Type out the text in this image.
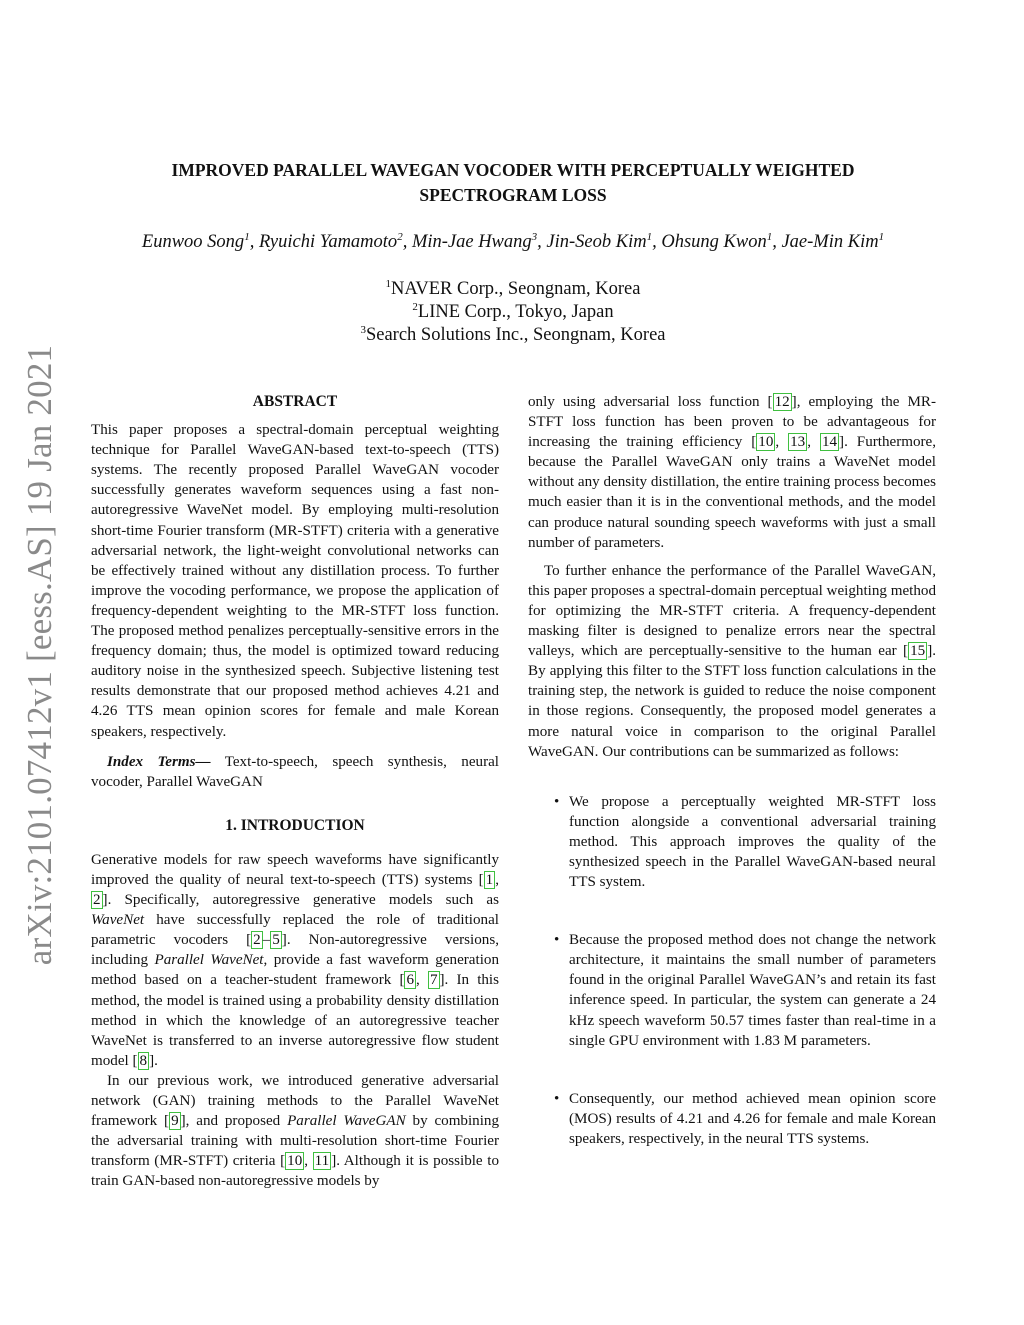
arXiv:2101.07412v1 [eess.AS] 19 Jan 2021
IMPROVED PARALLEL WAVEGAN VOCODER WITH PERCEPTUALLY WEIGHTED
SPECTROGRAM LOSS
Eunwoo Song$^1$, Ryuichi Yamamoto$^2$, Min-Jae Hwang$^3$, Jin-Seob Kim$^1$, Ohsung Kwon$^1$, Jae-Min Kim$^1$
$^1$NAVER Corp., Seongnam, Korea
$^2$LINE Corp., Tokyo, Japan
$^3$Search Solutions Inc., Seongnam, Korea
ABSTRACT

This paper proposes a spectral-domain perceptual weighting technique for Parallel WaveGAN-based text-to-speech (TTS) systems. The recently proposed Parallel WaveGAN vocoder successfully generates waveform sequences using a fast non-autoregressive WaveNet model. By employing multi-resolution short-time Fourier transform (MR-STFT) criteria with a generative adversarial network, the light-weight convolutional networks can be effectively trained without any distillation process. To further improve the vocoding performance, we propose the application of frequency-dependent weighting to the MR-STFT loss function. The proposed method penalizes perceptually-sensitive errors in the frequency domain; thus, the model is optimized toward reducing auditory noise in the synthesized speech. Subjective listening test results demonstrate that our proposed method achieves 4.21 and 4.26 TTS mean opinion scores for female and male Korean speakers, respectively.

Index Terms— Text-to-speech, speech synthesis, neural vocoder, Parallel WaveGAN

1. INTRODUCTION

Generative models for raw speech waveforms have significantly improved the quality of neural text-to-speech (TTS) systems [ 1 , 2 ]. Specifically, autoregressive generative models such as WaveNet have successfully replaced the role of traditional parametric vocoders [ 2 – 5 ]. Non-autoregressive versions, including Parallel WaveNet, provide a fast waveform generation method based on a teacher-student framework [ 6 , 7 ]. In this method, the model is trained using a probability density distillation method in which the knowledge of an autoregressive teacher WaveNet is transferred to an inverse autoregressive flow student model [ 8 ].

In our previous work, we introduced generative adversarial network (GAN) training methods to the Parallel WaveNet framework [ 9 ], and proposed Parallel WaveGAN by combining the adversarial training with multi-resolution short-time Fourier transform (MR-STFT) criteria [ 10 , 11 ]. Although it is possible to train GAN-based non-autoregressive models by

only using adversarial loss function [ 12 ], employing the MR-STFT loss function has been proven to be advantageous for increasing the training efficiency [ 10 , 13 , 14 ]. Furthermore, because the Parallel WaveGAN only trains a WaveNet model without any density distillation, the entire training process becomes much easier than it is in the conventional methods, and the model can produce natural sounding speech waveforms with just a small number of parameters.

To further enhance the performance of the Parallel WaveGAN, this paper proposes a spectral-domain perceptual weighting method for optimizing the MR-STFT criteria. A frequency-dependent masking filter is designed to penalize errors near the spectral valleys, which are perceptually-sensitive to the human ear [ 15 ]. By applying this filter to the STFT loss function calculations in the training step, the network is guided to reduce the noise component in those regions. Consequently, the proposed model generates a more natural voice in comparison to the original Parallel WaveGAN. Our contributions can be summarized as follows:

• We propose a perceptually weighted MR-STFT loss function alongside a conventional adversarial training method. This approach improves the quality of the synthesized speech in the Parallel WaveGAN-based neural TTS system.
• Because the proposed method does not change the network architecture, it maintains the small number of parameters found in the original Parallel WaveGAN’s and retain its fast inference speed. In particular, the system can generate a 24 kHz speech waveform 50.57 times faster than real-time in a single GPU environment with 1.83 M parameters.
• Consequently, our method achieved mean opinion score (MOS) results of 4.21 and 4.26 for female and male Korean speakers, respectively, in the neural TTS systems.
